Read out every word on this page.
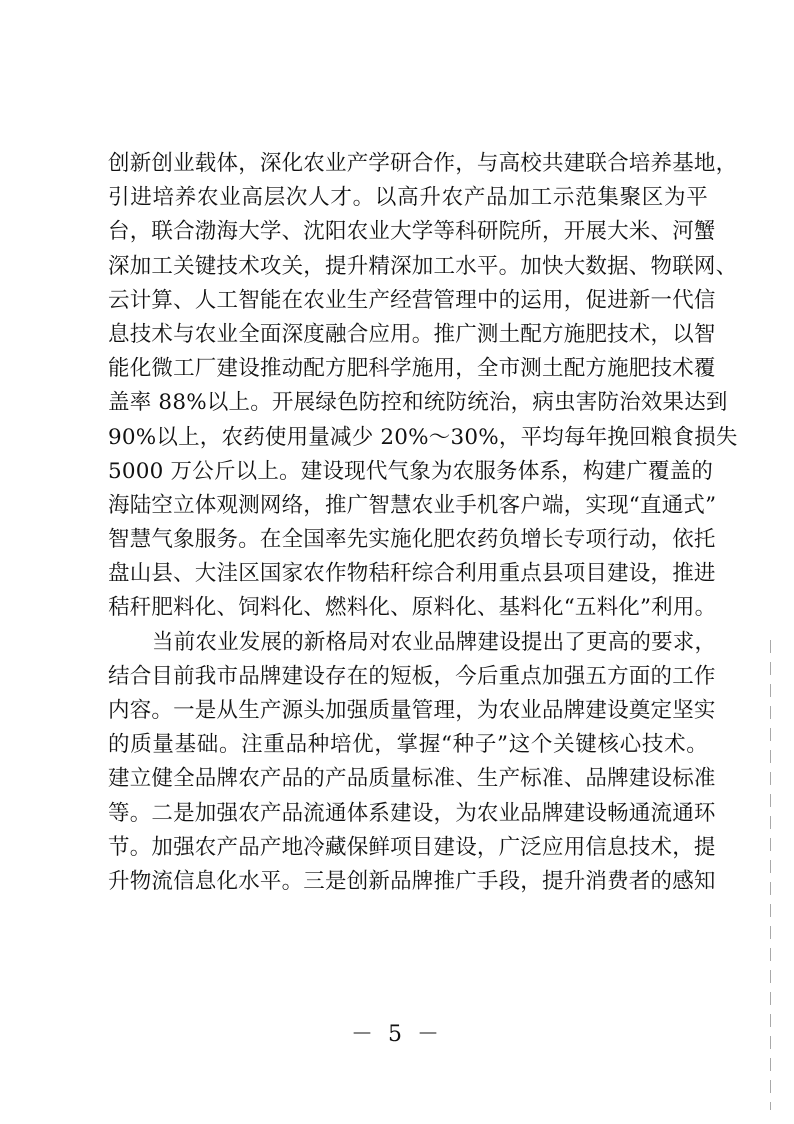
创新创业载体，深化农业产学研合作，与高校共建联合培养基地，
引进培养农业高层次人才。以高升农产品加工示范集聚区为平
台，联合渤海大学、沈阳农业大学等科研院所，开展大米、河蟹
深加工关键技术攻关，提升精深加工水平。加快大数据、物联网、
云计算、人工智能在农业生产经营管理中的运用，促进新一代信
息技术与农业全面深度融合应用。推广测土配方施肥技术，以智
能化微工厂建设推动配方肥科学施用，全市测土配方施肥技术覆
盖率 88%以上。开展绿色防控和统防统治，病虫害防治效果达到
90%以上，农药使用量减少 20%～30%，平均每年挽回粮食损失
5000 万公斤以上。建设现代气象为农服务体系，构建广覆盖的
海陆空立体观测网络，推广智慧农业手机客户端，实现“直通式”
智慧气象服务。在全国率先实施化肥农药负增长专项行动，依托
盘山县、大洼区国家农作物秸秆综合利用重点县项目建设，推进
秸秆肥料化、饲料化、燃料化、原料化、基料化“五料化”利用。
当前农业发展的新格局对农业品牌建设提出了更高的要求，
结合目前我市品牌建设存在的短板，今后重点加强五方面的工作
内容。一是从生产源头加强质量管理，为农业品牌建设奠定坚实
的质量基础。注重品种培优，掌握“种子”这个关键核心技术。
建立健全品牌农产品的产品质量标准、生产标准、品牌建设标准
等。二是加强农产品流通体系建设，为农业品牌建设畅通流通环
节。加强农产品产地冷藏保鲜项目建设，广泛应用信息技术，提
升物流信息化水平。三是创新品牌推广手段，提升消费者的感知
－ 5 －
